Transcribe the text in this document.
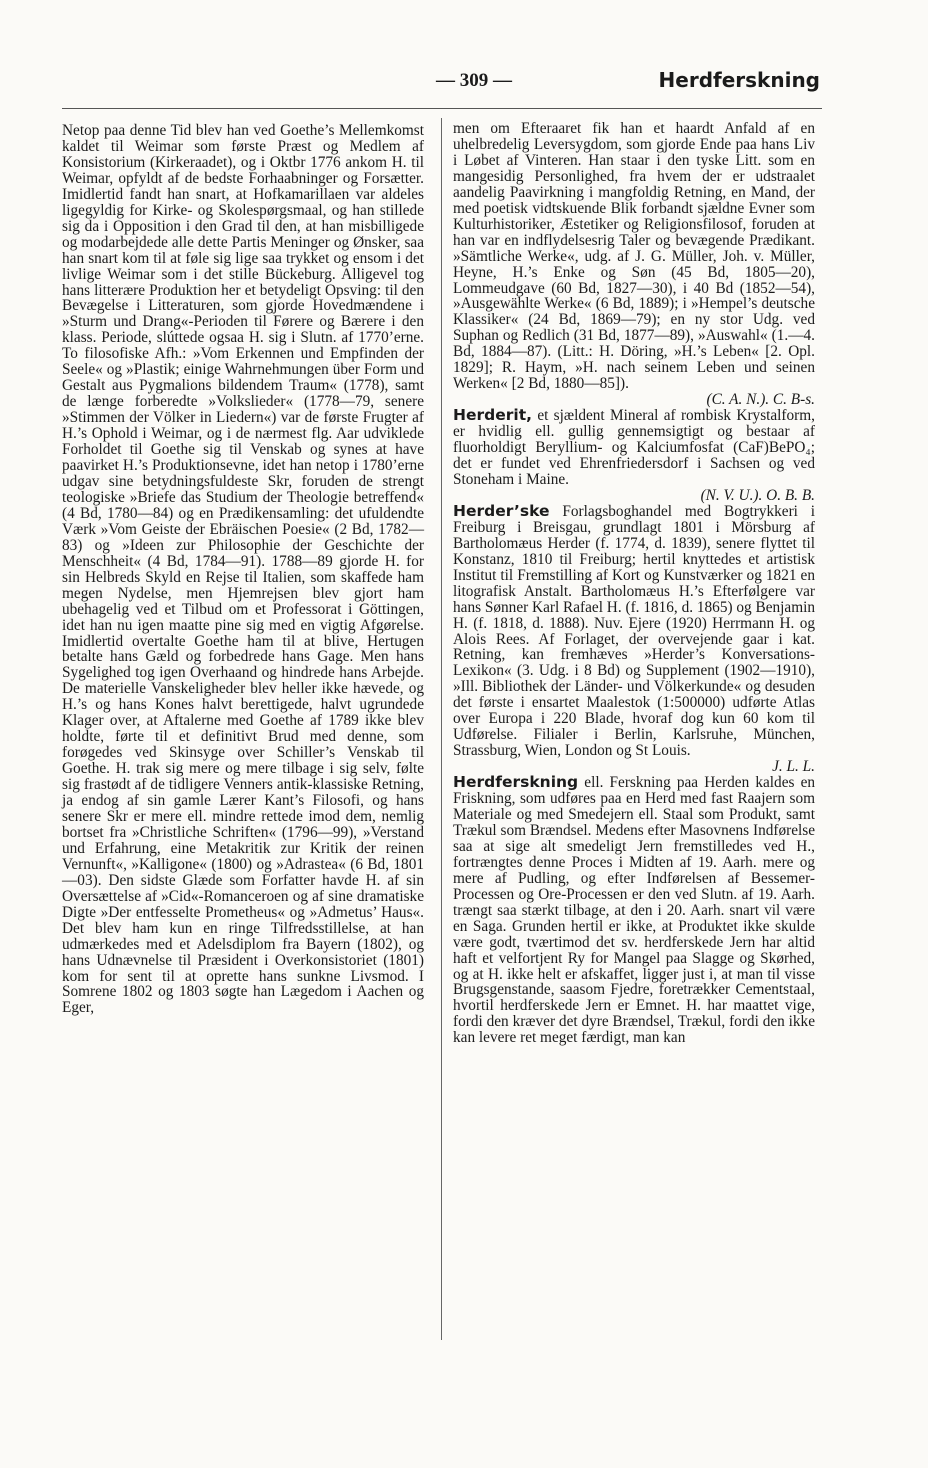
— 309 —	Herdferskning

Netop paa denne Tid blev han ved Goethe’s Mellemkomst kaldet til Weimar som første Præst og Medlem af Konsistorium (Kirkeraadet), og i Oktbr 1776 ankom H. til Weimar, opfyldt af de bedste Forhaabninger og Forsætter. Imidlertid fandt han snart, at Hofkamarillaen var aldeles ligegyldig for Kirke- og Skolespørgsmaal, og han stillede sig da i Opposition i den Grad til den, at han misbilligede og modarbejdede alle dette Partis Meninger og Ønsker, saa han snart kom til at føle sig lige saa trykket og ensom i det livlige Weimar som i det stille Bückeburg. Alligevel tog hans litterære Produktion her et betydeligt Opsving: til den Bevægelse i Litteraturen, som gjorde Hovedmændene i »Sturm und Drang«-Perioden til Førere og Bærere i den klass. Periode, slúttede ogsaa H. sig i Slutn. af 1770’erne. To filosofiske Afh.: »Vom Erkennen und Empfinden der Seele« og »Plastik; einige Wahrnehmungen über Form und Gestalt aus Pygmalions bildendem Traum« (1778), samt de længe forberedte »Volkslieder« (1778—79, senere »Stimmen der Völker in Liedern«) var de første Frugter af H.’s Ophold i Weimar, og i de nærmest flg. Aar udviklede Forholdet til Goethe sig til Venskab og synes at have paavirket H.’s Produktionsevne, idet han netop i 1780’erne udgav sine betydningsfuldeste Skr, foruden de strengt teologiske »Briefe das Studium der Theologie betreffend« (4 Bd, 1780—84) og en Prædikensamling: det ufuldendte Værk »Vom Geiste der Ebräischen Poesie« (2 Bd, 1782—83) og »Ideen zur Philosophie der Geschichte der Menschheit« (4 Bd, 1784—91). 1788—89 gjorde H. for sin Helbreds Skyld en Rejse til Italien, som skaffede ham megen Nydelse, men Hjemrejsen blev gjort ham ubehagelig ved et Tilbud om et Professorat i Göttingen, idet han nu igen maatte pine sig med en vigtig Afgørelse. Imidlertid overtalte Goethe ham til at blive, Hertugen betalte hans Gæld og forbedrede hans Gage. Men hans Sygelighed tog igen Overhaand og hindrede hans Arbejde. De materielle Vanskeligheder blev heller ikke hævede, og H.’s og hans Kones halvt berettigede, halvt ugrundede Klager over, at Aftalerne med Goethe af 1789 ikke blev holdte, førte til et definitivt Brud med denne, som forøgedes ved Skinsyge over Schiller’s Venskab til Goethe. H. trak sig mere og mere tilbage i sig selv, følte sig frastødt af de tidligere Venners antik-klassiske Retning, ja endog af sin gamle Lærer Kant’s Filosofi, og hans senere Skr er mere ell. mindre rettede imod dem, nemlig bortset fra »Christliche Schriften« (1796—99), »Verstand und Erfahrung, eine Metakritik zur Kritik der reinen Vernunft«, »Kalligone« (1800) og »Adrastea« (6 Bd, 1801—03). Den sidste Glæde som Forfatter havde H. af sin Oversættelse af »Cid«-Romanceroen og af sine dramatiske Digte »Der entfesselte Prometheus« og »Admetus’ Haus«. Det blev ham kun en ringe Tilfredsstillelse, at han udmærkedes med et Adelsdiplom fra Bayern (1802), og hans Udnævnelse til Præsident i Overkonsistoriet (1801) kom for sent til at oprette hans sunkne Livsmod. I Somrene 1802 og 1803 søgte han Lægedom i Aachen og Eger,

men om Efteraaret fik han et haardt Anfald af en uhelbredelig Leversygdom, som gjorde Ende paa hans Liv i Løbet af Vinteren. Han staar i den tyske Litt. som en mangesidig Personlighed, fra hvem der er udstraalet aandelig Paavirkning i mangfoldig Retning, en Mand, der med poetisk vidtskuende Blik forbandt sjældne Evner som Kulturhistoriker, Æstetiker og Religionsfilosof, foruden at han var en indflydelsesrig Taler og bevægende Prædikant. »Sämtliche Werke«, udg. af J. G. Müller, Joh. v. Müller, Heyne, H.’s Enke og Søn (45 Bd, 1805—20), Lommeudgave (60 Bd, 1827—30), i 40 Bd (1852—54), »Ausgewählte Werke« (6 Bd, 1889); i »Hempel’s deutsche Klassiker« (24 Bd, 1869—79); en ny stor Udg. ved Suphan og Redlich (31 Bd, 1877—89), »Auswahl« (1.—4. Bd, 1884—87). (Litt.: H. Döring, »H.’s Leben« [2. Opl. 1829]; R. Haym, »H. nach seinem Leben und seinen Werken« [2 Bd, 1880—85]).

(C. A. N.). C. B-s.

Herderit, et sjældent Mineral af rombisk Krystalform, er hvidlig ell. gullig gennemsigtigt og bestaar af fluorholdigt Beryllium- og Kalciumfosfat (CaF)BePO₄; det er fundet ved Ehrenfriedersdorf i Sachsen og ved Stoneham i Maine.

(N. V. U.). O. B. B.

Herder’ske Forlagsboghandel med Bogtrykkeri i Freiburg i Breisgau, grundlagt 1801 i Mörsburg af Bartholomæus Herder (f. 1774, d. 1839), senere flyttet til Konstanz, 1810 til Freiburg; hertil knyttedes et artistisk Institut til Fremstilling af Kort og Kunstværker og 1821 en litografisk Anstalt. Bartholomæus H.’s Efterfølgere var hans Sønner Karl Rafael H. (f. 1816, d. 1865) og Benjamin H. (f. 1818, d. 1888). Nuv. Ejere (1920) Herrmann H. og Alois Rees. Af Forlaget, der overvejende gaar i kat. Retning, kan fremhæves »Herder’s Konversations-Lexikon« (3. Udg. i 8 Bd) og Supplement (1902—1910), »Ill. Bibliothek der Länder- und Völkerkunde« og desuden det første i ensartet Maalestok (1:500000) udførte Atlas over Europa i 220 Blade, hvoraf dog kun 60 kom til Udførelse. Filialer i Berlin, Karlsruhe, München, Strassburg, Wien, London og St Louis.

J. L. L.

Herdferskning ell. Ferskning paa Herden kaldes en Friskning, som udføres paa en Herd med fast Raajern som Materiale og med Smedejern ell. Staal som Produkt, samt Trækul som Brændsel. Medens efter Masovnens Indførelse saa at sige alt smedeligt Jern fremstilledes ved H., fortrængtes denne Proces i Midten af 19. Aarh. mere og mere af Pudling, og efter Indførelsen af Bessemer-Processen og Ore-Processen er den ved Slutn. af 19. Aarh. trængt saa stærkt tilbage, at den i 20. Aarh. snart vil være en Saga. Grunden hertil er ikke, at Produktet ikke skulde være godt, tværtimod det sv. herdferskede Jern har altid haft et velfortjent Ry for Mangel paa Slagge og Skørhed, og at H. ikke helt er afskaffet, ligger just i, at man til visse Brugsgenstande, saasom Fjedre, foretrækker Cementstaal, hvortil herdferskede Jern er Emnet. H. har maattet vige, fordi den kræver det dyre Brændsel, Trækul, fordi den ikke kan levere ret meget færdigt, man kan
